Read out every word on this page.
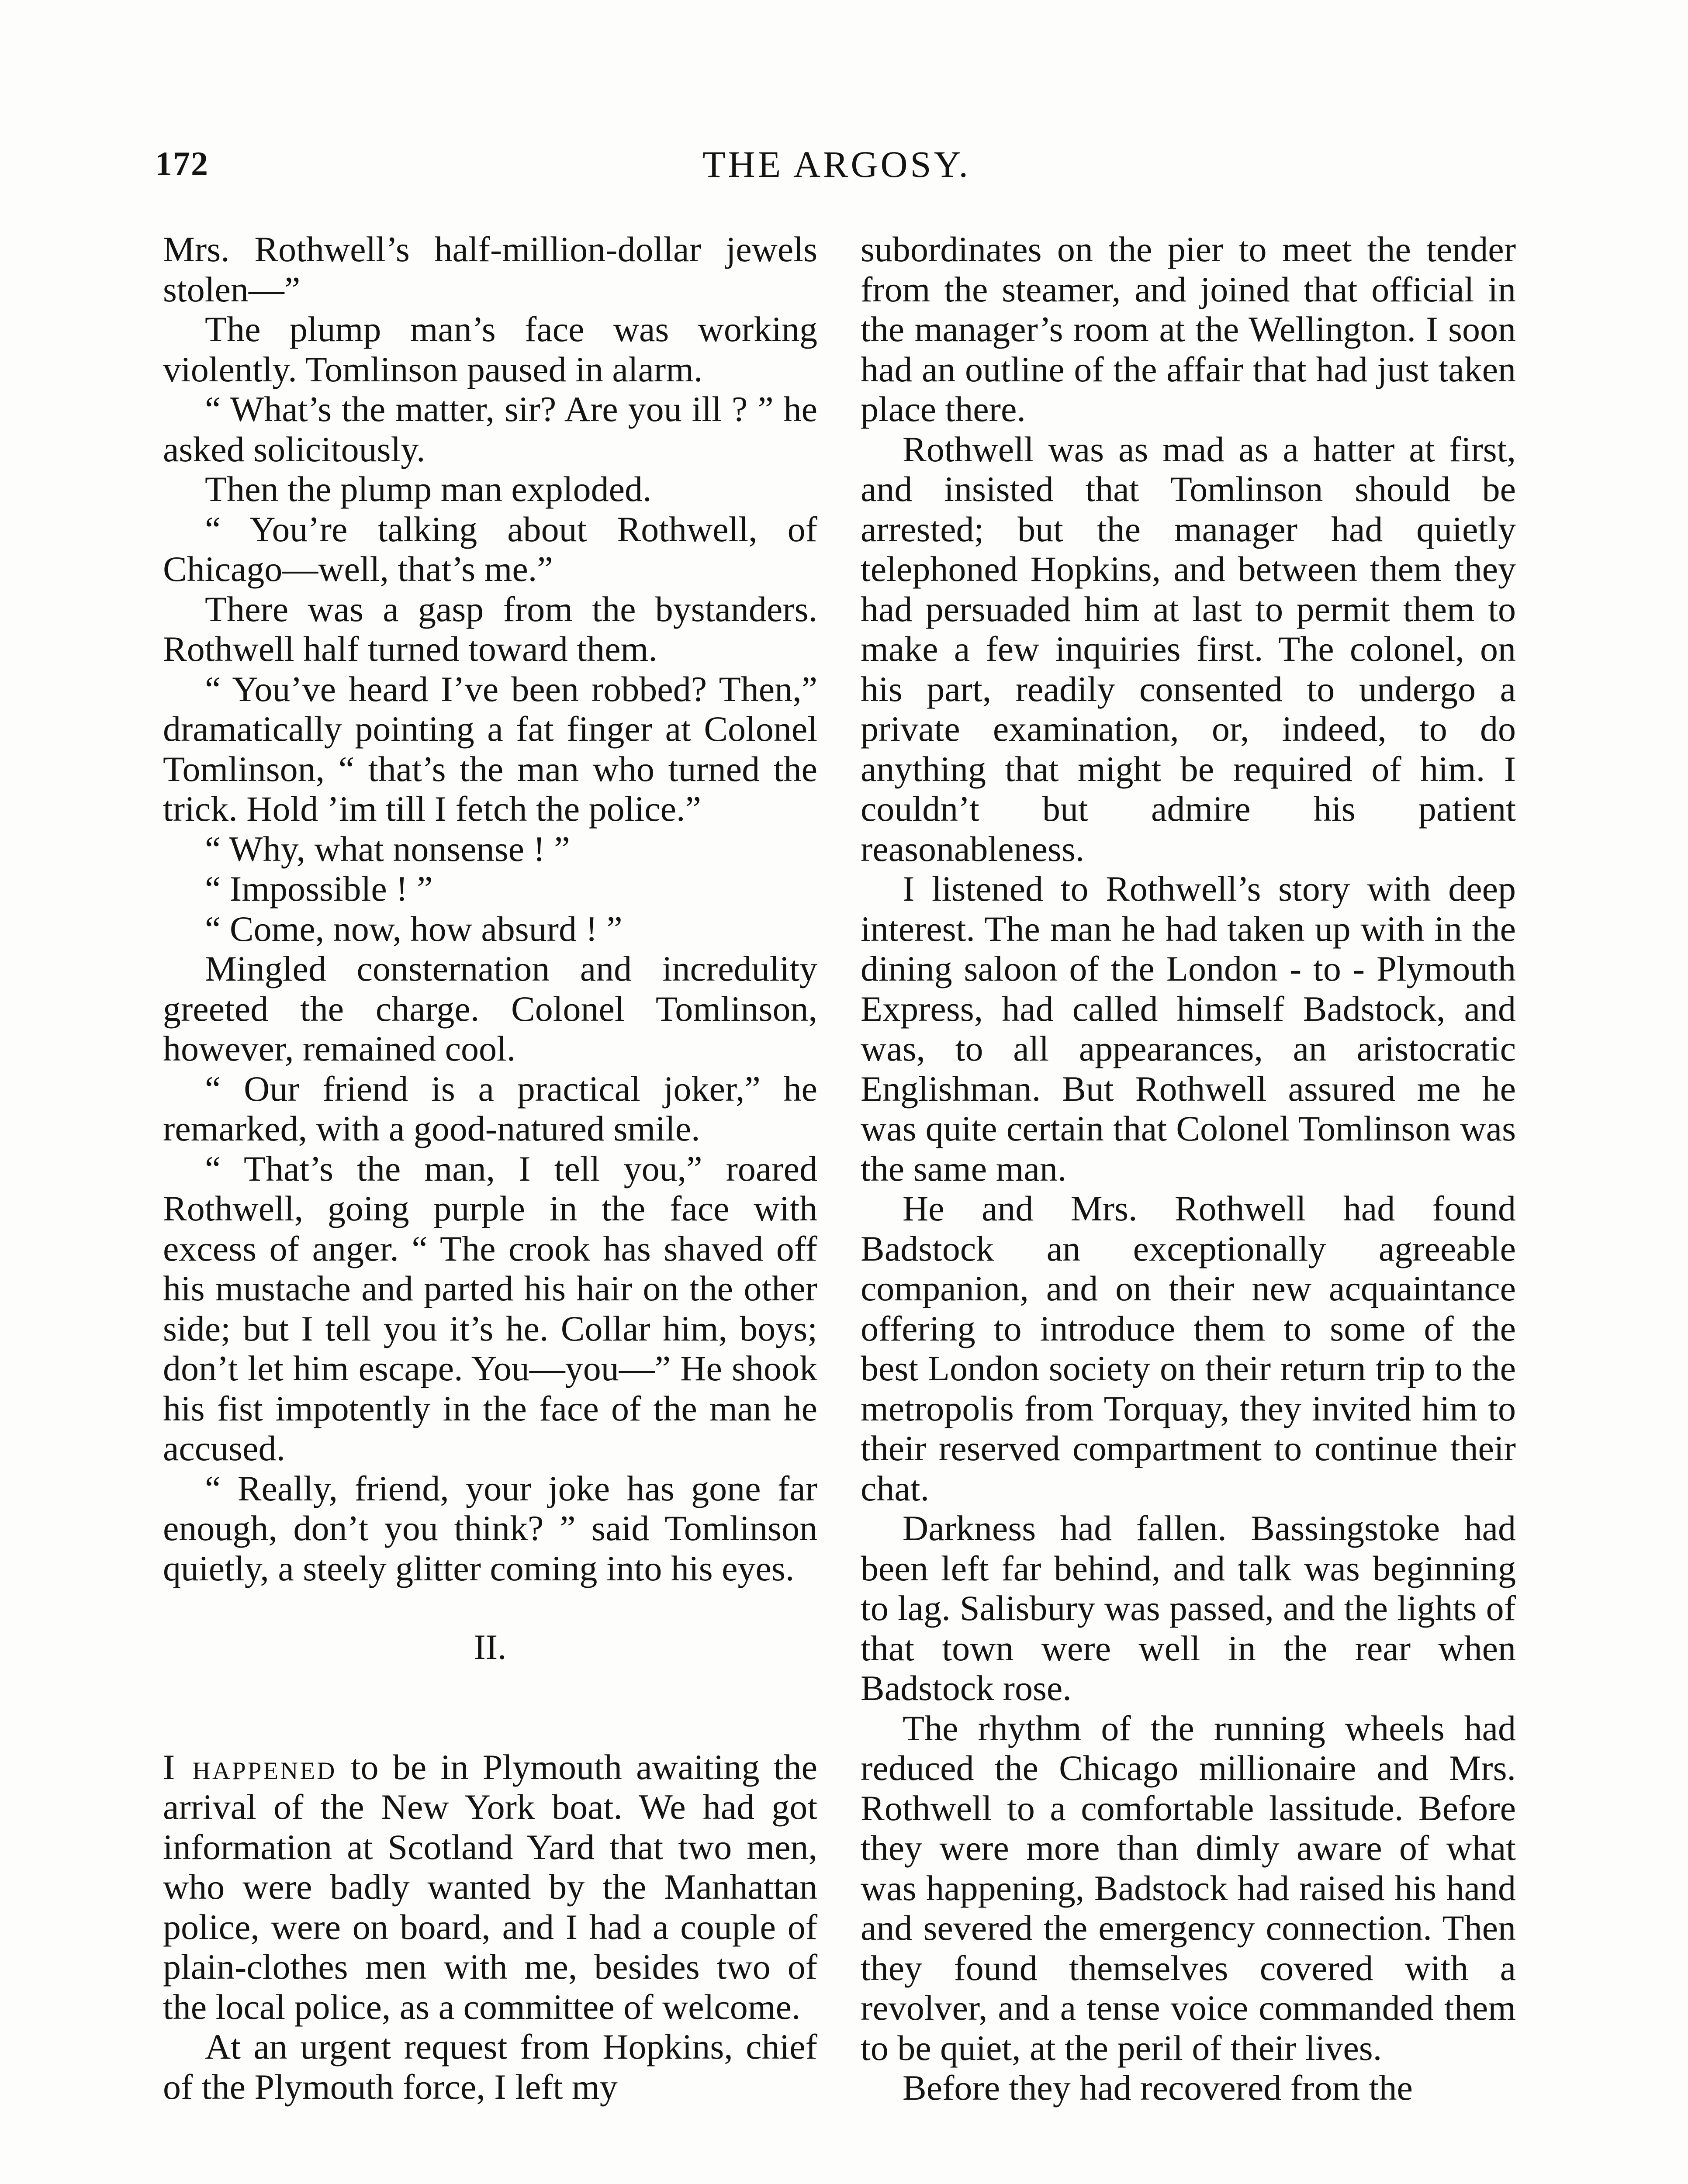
172	THE ARGOSY.

Mrs. Rothwell’s half-million-dollar jewels stolen—”

The plump man’s face was working violently. Tomlinson paused in alarm.

“ What’s the matter, sir? Are you ill ? ” he asked solicitously.

Then the plump man exploded.

“ You’re talking about Rothwell, of Chicago—well, that’s me.”

There was a gasp from the bystanders. Rothwell half turned toward them.

“ You’ve heard I’ve been robbed? Then,” dramatically pointing a fat finger at Colonel Tomlinson, “ that’s the man who turned the trick. Hold ’im till I fetch the police.”

“ Why, what nonsense ! ”

“ Impossible ! ”

“ Come, now, how absurd ! ”

Mingled consternation and incredulity greeted the charge. Colonel Tomlinson, however, remained cool.

“ Our friend is a practical joker,” he remarked, with a good-natured smile.

“ That’s the man, I tell you,” roared Rothwell, going purple in the face with excess of anger. “ The crook has shaved off his mustache and parted his hair on the other side; but I tell you it’s he. Collar him, boys; don’t let him escape. You—you—” He shook his fist impotently in the face of the man he accused.

“ Really, friend, your joke has gone far enough, don’t you think? ” said Tomlinson quietly, a steely glitter coming into his eyes.

II.

I happened to be in Plymouth awaiting the arrival of the New York boat. We had got information at Scotland Yard that two men, who were badly wanted by the Manhattan police, were on board, and I had a couple of plain-clothes men with me, besides two of the local police, as a committee of welcome.

At an urgent request from Hopkins, chief of the Plymouth force, I left my

subordinates on the pier to meet the tender from the steamer, and joined that official in the manager’s room at the Wellington. I soon had an outline of the affair that had just taken place there.

Rothwell was as mad as a hatter at first, and insisted that Tomlinson should be arrested; but the manager had quietly telephoned Hopkins, and between them they had persuaded him at last to permit them to make a few inquiries first. The colonel, on his part, readily consented to undergo a private examination, or, indeed, to do anything that might be required of him. I couldn’t but admire his patient reasonableness.

I listened to Rothwell’s story with deep interest. The man he had taken up with in the dining saloon of the London - to - Plymouth Express, had called himself Badstock, and was, to all appearances, an aristocratic Englishman. But Rothwell assured me he was quite certain that Colonel Tomlinson was the same man.

He and Mrs. Rothwell had found Badstock an exceptionally agreeable companion, and on their new acquaintance offering to introduce them to some of the best London society on their return trip to the metropolis from Torquay, they invited him to their reserved compartment to continue their chat.

Darkness had fallen. Bassingstoke had been left far behind, and talk was beginning to lag. Salisbury was passed, and the lights of that town were well in the rear when Badstock rose.

The rhythm of the running wheels had reduced the Chicago millionaire and Mrs. Rothwell to a comfortable lassitude. Before they were more than dimly aware of what was happening, Badstock had raised his hand and severed the emergency connection. Then they found themselves covered with a revolver, and a tense voice commanded them to be quiet, at the peril of their lives.

Before they had recovered from the
